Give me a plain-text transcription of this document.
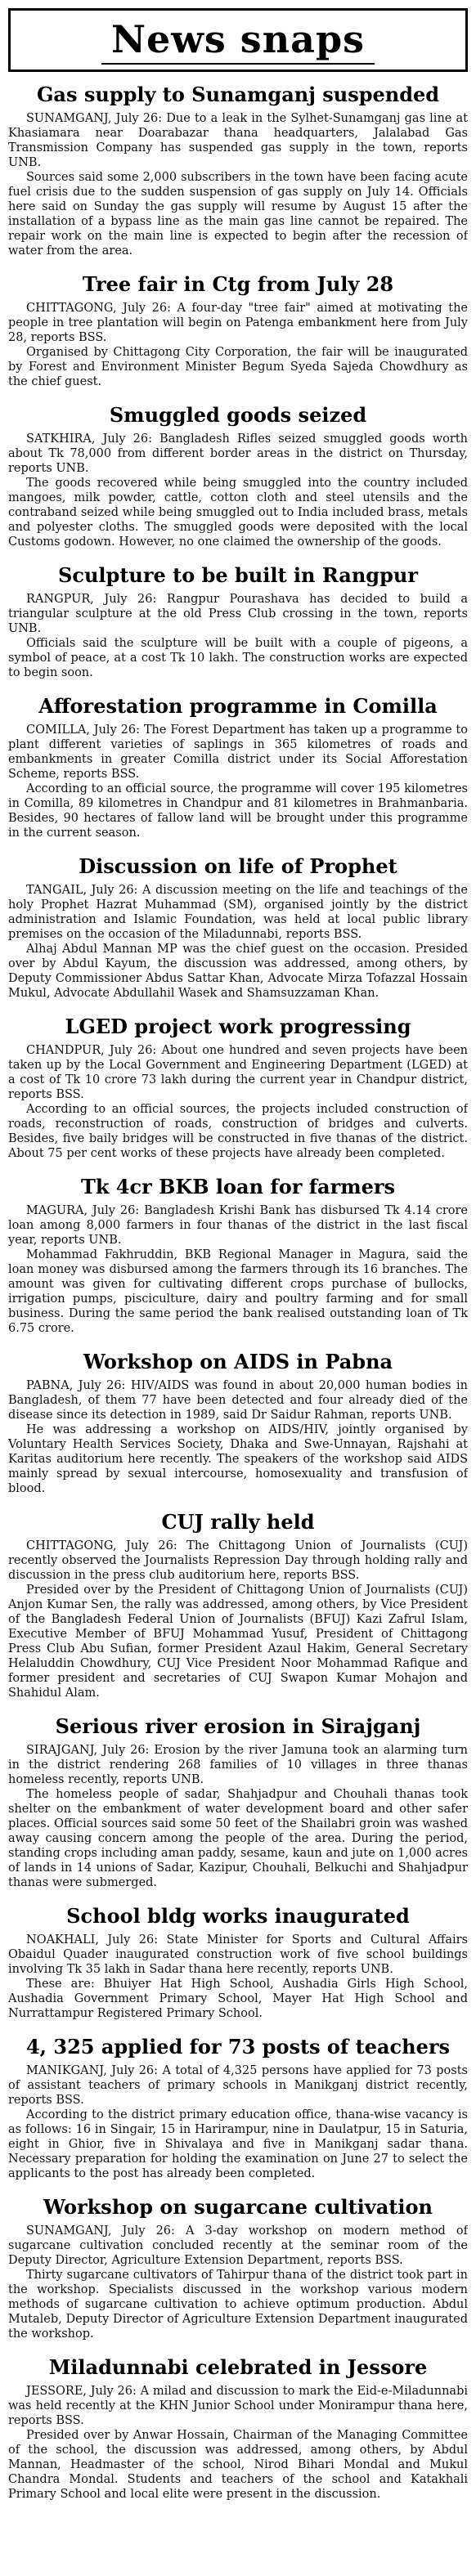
News snaps
Gas supply to Sunamganj suspended

SUNAMGANJ, July 26: Due to a leak in the Sylhet-Sunamganj gas line at Khasiamara near Doarabazar thana headquarters, Jalalabad Gas Transmission Company has suspended gas supply in the town, reports UNB.

Sources said some 2,000 subscribers in the town have been facing acute fuel crisis due to the sudden suspension of gas supply on July 14. Officials here said on Sunday the gas supply will resume by August 15 after the installation of a bypass line as the main gas line cannot be repaired. The repair work on the main line is expected to begin after the recession of water from the area.

Tree fair in Ctg from July 28

CHITTAGONG, July 26: A four-day "tree fair" aimed at motivating the people in tree plantation will begin on Patenga embankment here from July 28, reports BSS.

Organised by Chittagong City Corporation, the fair will be inaugurated by Forest and Environment Minister Begum Syeda Sajeda Chowdhury as the chief guest.

Smuggled goods seized

SATKHIRA, July 26: Bangladesh Rifles seized smuggled goods worth about Tk 78,000 from different border areas in the district on Thursday, reports UNB.

The goods recovered while being smuggled into the country included mangoes, milk powder, cattle, cotton cloth and steel utensils and the contraband seized while being smuggled out to India included brass, metals and polyester cloths. The smuggled goods were deposited with the local Customs godown. However, no one claimed the ownership of the goods.

Sculpture to be built in Rangpur

RANGPUR, July 26: Rangpur Pourashava has decided to build a triangular sculpture at the old Press Club crossing in the town, reports UNB.

Officials said the sculpture will be built with a couple of pigeons, a symbol of peace, at a cost Tk 10 lakh. The construction works are expected to begin soon.

Afforestation programme in Comilla

COMILLA, July 26: The Forest Department has taken up a programme to plant different varieties of saplings in 365 kilometres of roads and embankments in greater Comilla district under its Social Afforestation Scheme, reports BSS.

According to an official source, the programme will cover 195 kilometres in Comilla, 89 kilometres in Chandpur and 81 kilometres in Brahmanbaria. Besides, 90 hectares of fallow land will be brought under this programme in the current season.

Discussion on life of Prophet

TANGAIL, July 26: A discussion meeting on the life and teachings of the holy Prophet Hazrat Muhammad (SM), organised jointly by the district administration and Islamic Foundation, was held at local public library premises on the occasion of the Miladunnabi, reports BSS.

Alhaj Abdul Mannan MP was the chief guest on the occasion. Presided over by Abdul Kayum, the discussion was addressed, among others, by Deputy Commissioner Abdus Sattar Khan, Advocate Mirza Tofazzal Hossain Mukul, Advocate Abdullahil Wasek and Shamsuzzaman Khan.

LGED project work progressing

CHANDPUR, July 26: About one hundred and seven projects have been taken up by the Local Government and Engineering Department (LGED) at a cost of Tk 10 crore 73 lakh during the current year in Chandpur district, reports BSS.

According to an official sources, the projects included construction of roads, reconstruction of roads, construction of bridges and culverts. Besides, five baily bridges will be constructed in five thanas of the district. About 75 per cent works of these projects have already been completed.

Tk 4cr BKB loan for farmers

MAGURA, July 26: Bangladesh Krishi Bank has disbursed Tk 4.14 crore loan among 8,000 farmers in four thanas of the district in the last fiscal year, reports UNB.

Mohammad Fakhruddin, BKB Regional Manager in Magura, said the loan money was disbursed among the farmers through its 16 branches. The amount was given for cultivating different crops purchase of bullocks, irrigation pumps, pisciculture, dairy and poultry farming and for small business. During the same period the bank realised outstanding loan of Tk 6.75 crore.

Workshop on AIDS in Pabna

PABNA, July 26: HIV/AIDS was found in about 20,000 human bodies in Bangladesh, of them 77 have been detected and four already died of the disease since its detection in 1989, said Dr Saidur Rahman, reports UNB.

He was addressing a workshop on AIDS/HIV, jointly organised by Voluntary Health Services Society, Dhaka and Swe-Unnayan, Rajshahi at Karitas auditorium here recently. The speakers of the workshop said AIDS mainly spread by sexual intercourse, homosexuality and transfusion of blood.

CUJ rally held

CHITTAGONG, July 26: The Chittagong Union of Journalists (CUJ) recently observed the Journalists Repression Day through holding rally and discussion in the press club auditorium here, reports BSS.

Presided over by the President of Chittagong Union of Journalists (CUJ) Anjon Kumar Sen, the rally was addressed, among others, by Vice President of the Bangladesh Federal Union of Journalists (BFUJ) Kazi Zafrul Islam, Executive Member of BFUJ Mohammad Yusuf, President of Chittagong Press Club Abu Sufian, former President Azaul Hakim, General Secretary Helaluddin Chowdhury, CUJ Vice President Noor Mohammad Rafique and former president and secretaries of CUJ Swapon Kumar Mohajon and Shahidul Alam.

Serious river erosion in Sirajganj

SIRAJGANJ, July 26: Erosion by the river Jamuna took an alarming turn in the district rendering 268 families of 10 villages in three thanas homeless recently, reports UNB.

The homeless people of sadar, Shahjadpur and Chouhali thanas took shelter on the embankment of water development board and other safer places. Official sources said some 50 feet of the Shailabri groin was washed away causing concern among the people of the area. During the period, standing crops including aman paddy, sesame, kaun and jute on 1,000 acres of lands in 14 unions of Sadar, Kazipur, Chouhali, Belkuchi and Shahjadpur thanas were submerged.

School bldg works inaugurated

NOAKHALI, July 26: State Minister for Sports and Cultural Affairs Obaidul Quader inaugurated construction work of five school buildings involving Tk 35 lakh in Sadar thana here recently, reports UNB.

These are: Bhuiyer Hat High School, Aushadia Girls High School, Aushadia Government Primary School, Mayer Hat High School and Nurrattampur Registered Primary School.

4, 325 applied for 73 posts of teachers

MANIKGANJ, July 26: A total of 4,325 persons have applied for 73 posts of assistant teachers of primary schools in Manikganj district recently, reports BSS.

According to the district primary education office, thana-wise vacancy is as follows: 16 in Singair, 15 in Harirampur, nine in Daulatpur, 15 in Saturia, eight in Ghior, five in Shivalaya and five in Manikganj sadar thana. Necessary preparation for holding the examination on June 27 to select the applicants to the post has already been completed.

Workshop on sugarcane cultivation

SUNAMGANJ, July 26: A 3-day workshop on modern method of sugarcane cultivation concluded recently at the seminar room of the Deputy Director, Agriculture Extension Department, reports BSS.

Thirty sugarcane cultivators of Tahirpur thana of the district took part in the workshop. Specialists discussed in the workshop various modern methods of sugarcane cultivation to achieve optimum production. Abdul Mutaleb, Deputy Director of Agriculture Extension Department inaugurated the workshop.

Miladunnabi celebrated in Jessore

JESSORE, July 26: A milad and discussion to mark the Eid-e-Miladunnabi was held recently at the KHN Junior School under Monirampur thana here, reports BSS.

Presided over by Anwar Hossain, Chairman of the Managing Committee of the school, the discussion was addressed, among others, by Abdul Mannan, Headmaster of the school, Nirod Bihari Mondal and Mukul Chandra Mondal. Students and teachers of the school and Katakhali Primary School and local elite were present in the discussion.
